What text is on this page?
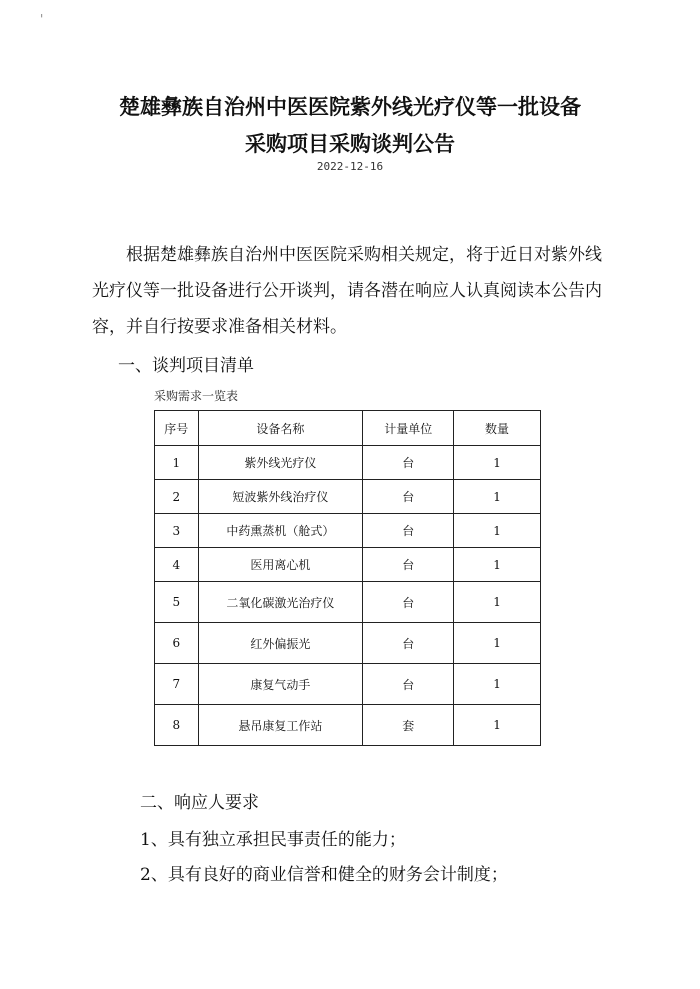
'
楚雄彝族自治州中医医院紫外线光疗仪等一批设备
采购项目采购谈判公告
2022-12-16

根据楚雄彝族自治州中医医院采购相关规定，将于近日对紫外线光疗仪等一批设备进行公开谈判，请各潜在响应人认真阅读本公告内容，并自行按要求准备相关材料。

一、谈判项目清单

采购需求一览表
序号	设备名称	计量单位	数量
1	紫外线光疗仪	台	1
2	短波紫外线治疗仪	台	1
3	中药熏蒸机（舱式）	台	1
4	医用离心机	台	1
5	二氧化碳激光治疗仪	台	1
6	红外偏振光	台	1
7	康复气动手	台	1
8	悬吊康复工作站	套	1

二、响应人要求

1、具有独立承担民事责任的能力；

2、具有良好的商业信誉和健全的财务会计制度；
